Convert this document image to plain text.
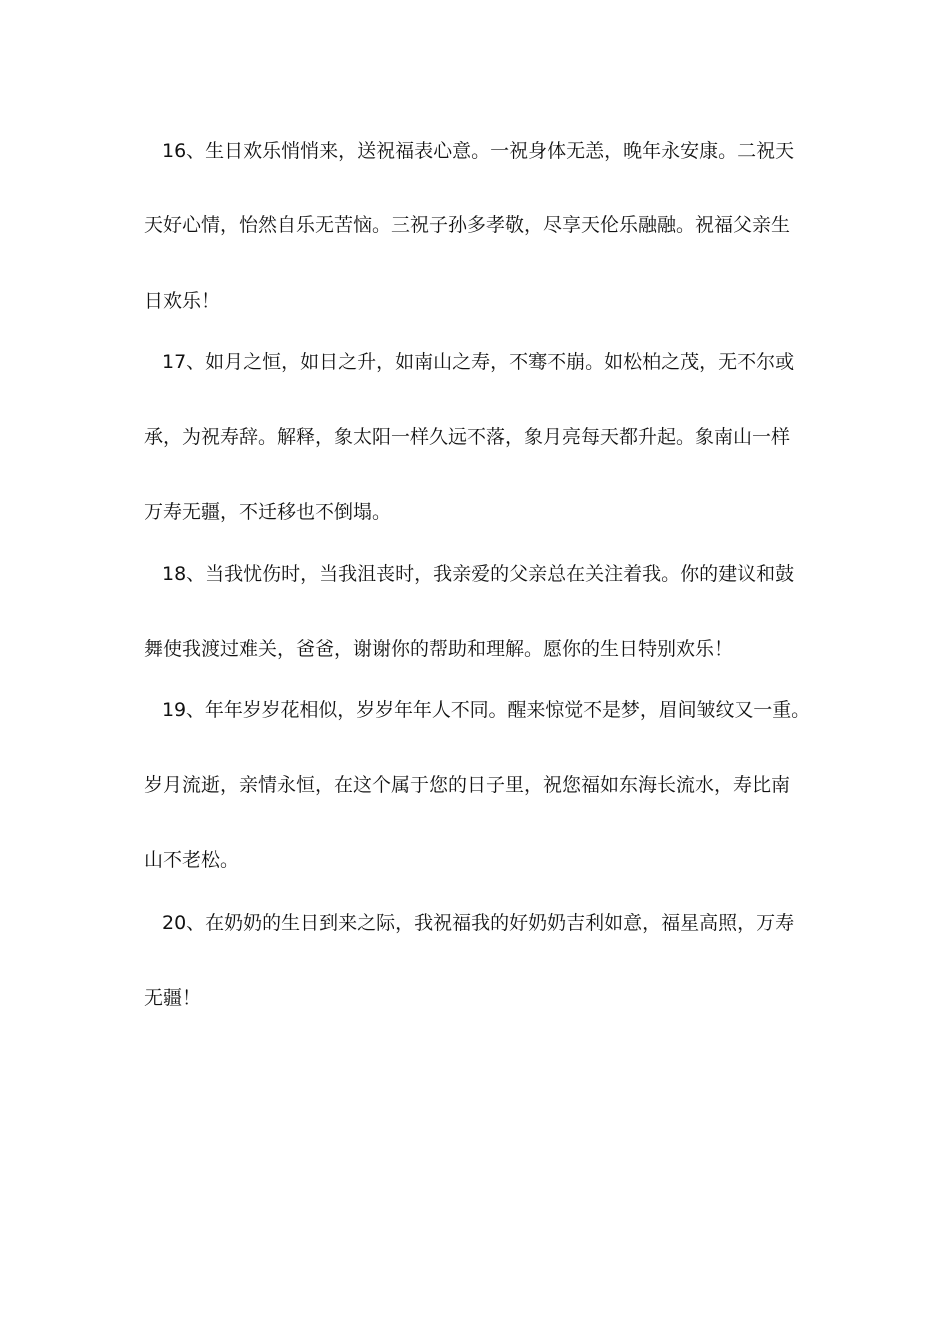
16、生日欢乐悄悄来，送祝福表心意。一祝身体无恙，晚年永安康。二祝天
天好心情，怡然自乐无苦恼。三祝子孙多孝敬，尽享天伦乐融融。祝福父亲生
日欢乐！
17、如月之恒，如日之升，如南山之寿，不骞不崩。如松柏之茂，无不尔或
承，为祝寿辞。解释，象太阳一样久远不落，象月亮每天都升起。象南山一样
万寿无疆，不迁移也不倒塌。
18、当我忧伤时，当我沮丧时，我亲爱的父亲总在关注着我。你的建议和鼓
舞使我渡过难关，爸爸，谢谢你的帮助和理解。愿你的生日特别欢乐！
19、年年岁岁花相似，岁岁年年人不同。醒来惊觉不是梦，眉间皱纹又一重。
岁月流逝，亲情永恒，在这个属于您的日子里，祝您福如东海长流水，寿比南
山不老松。
20、在奶奶的生日到来之际，我祝福我的好奶奶吉利如意，福星高照，万寿
无疆！
